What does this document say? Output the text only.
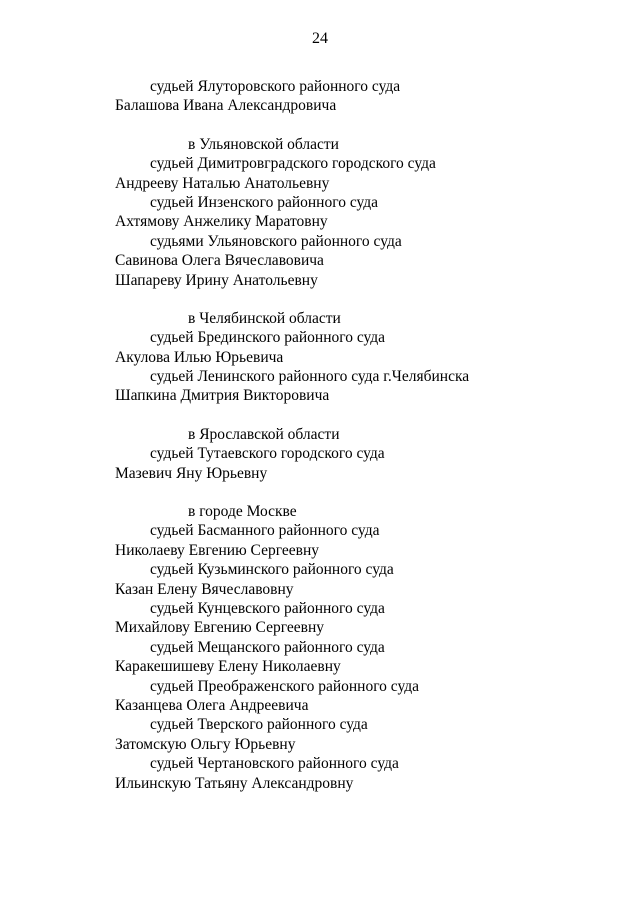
24
судьей Ялуторовского районного суда
Балашова Ивана Александровича
в Ульяновской области
судьей Димитровградского городского суда
Андрееву Наталью Анатольевну
судьей Инзенского районного суда
Ахтямову Анжелику Маратовну
судьями Ульяновского районного суда
Савинова Олега Вячеславовича
Шапареву Ирину Анатольевну
в Челябинской области
судьей Брединского районного суда
Акулова Илью Юрьевича
судьей Ленинского районного суда г.Челябинска
Шапкина Дмитрия Викторовича
в Ярославской области
судьей Тутаевского городского суда
Мазевич Яну Юрьевну
в городе Москве
судьей Басманного районного суда
Николаеву Евгению Сергеевну
судьей Кузьминского районного суда
Казан Елену Вячеславовну
судьей Кунцевского районного суда
Михайлову Евгению Сергеевну
судьей Мещанского районного суда
Каракешишеву Елену Николаевну
судьей Преображенского районного суда
Казанцева Олега Андреевича
судьей Тверского районного суда
Затомскую Ольгу Юрьевну
судьей Чертановского районного суда
Ильинскую Татьяну Александровну
